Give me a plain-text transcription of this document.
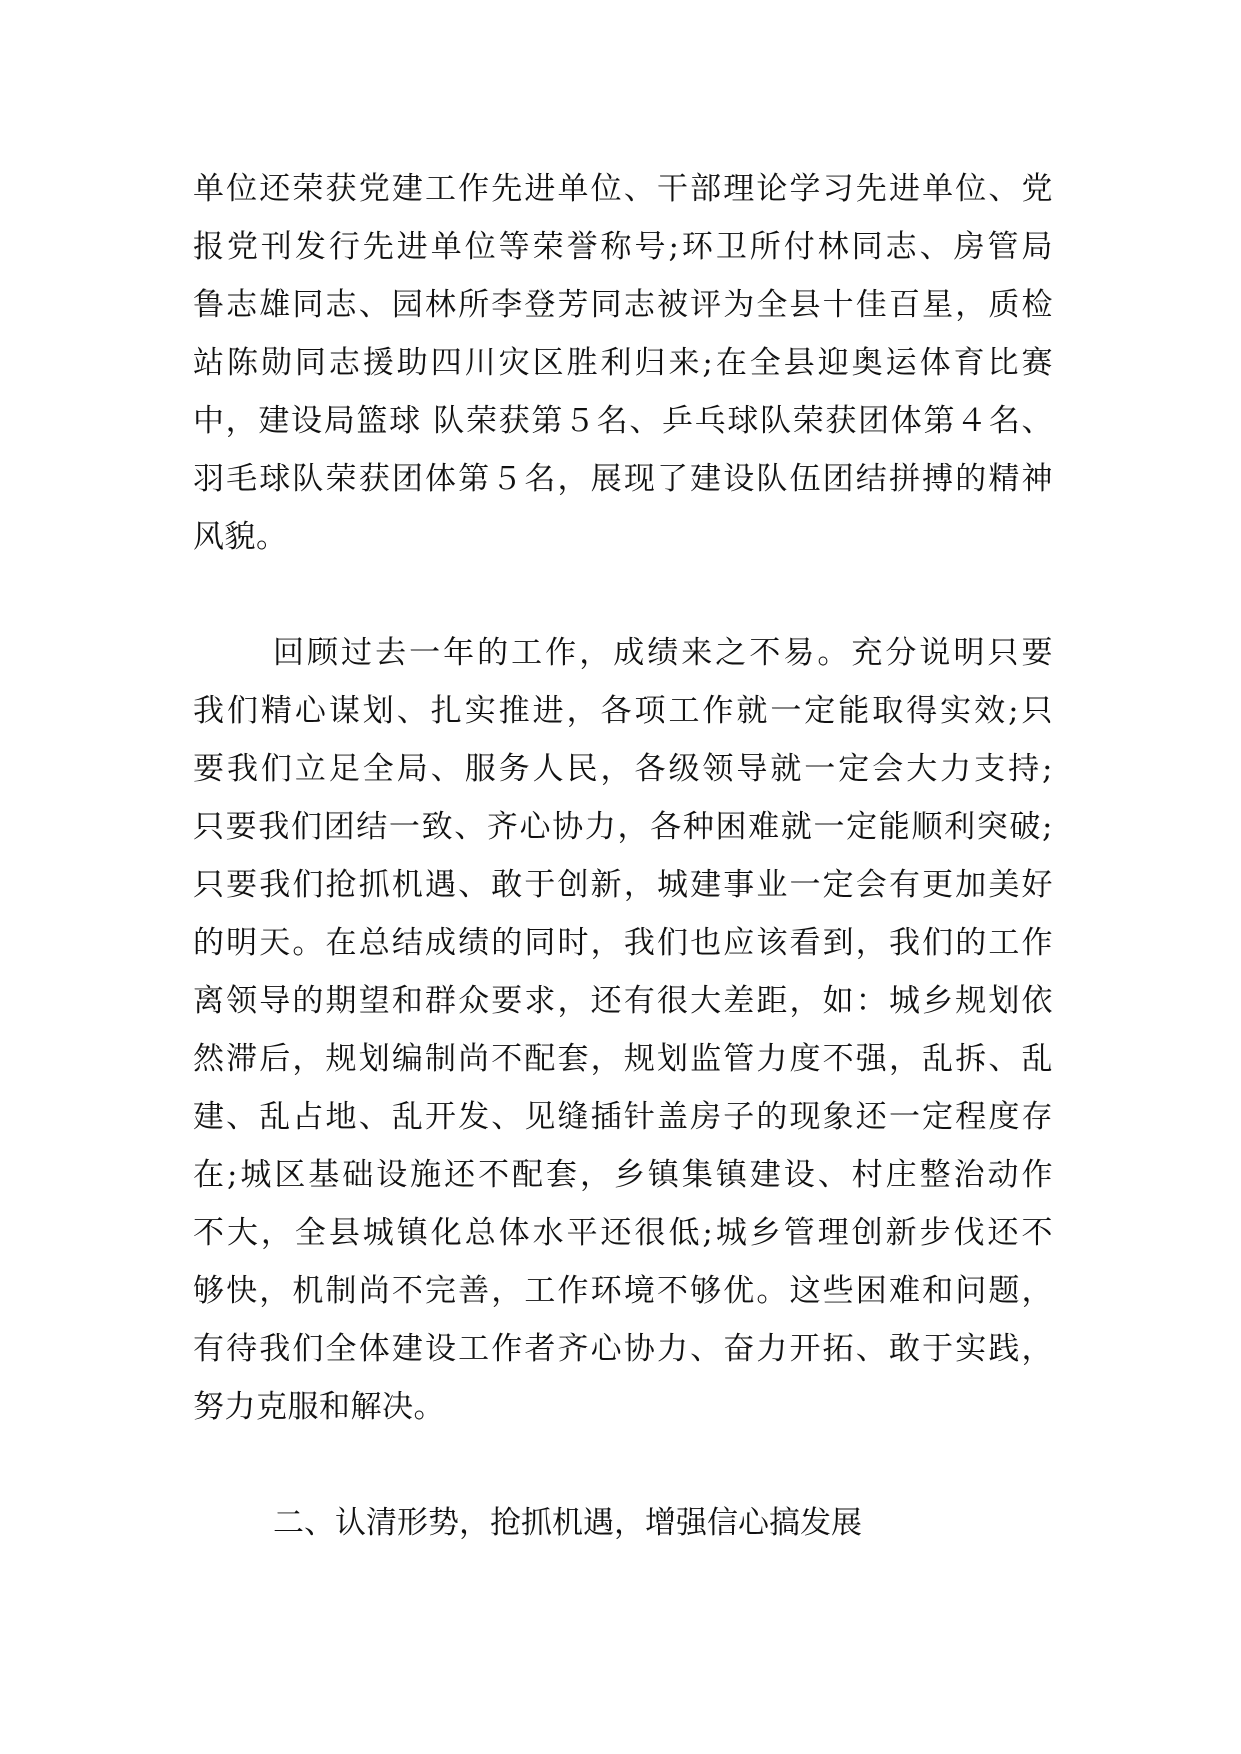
单位还荣获党建工作先进单位、干部理论学习先进单位、党
报党刊发行先进单位等荣誉称号;环卫所付林同志、房管局
鲁志雄同志、园林所李登芳同志被评为全县十佳百星，质检
站陈勋同志援助四川灾区胜利归来;在全县迎奥运体育比赛
中，建设局篮球 队荣获第５名、乒乓球队荣获团体第４名、
羽毛球队荣获团体第５名，展现了建设队伍团结拼搏的精神
风貌。
回顾过去一年的工作，成绩来之不易。充分说明只要
我们精心谋划、扎实推进，各项工作就一定能取得实效;只
要我们立足全局、服务人民，各级领导就一定会大力支持;
只要我们团结一致、齐心协力，各种困难就一定能顺利突破;
只要我们抢抓机遇、敢于创新，城建事业一定会有更加美好
的明天。在总结成绩的同时，我们也应该看到，我们的工作
离领导的期望和群众要求，还有很大差距，如：城乡规划依
然滞后，规划编制尚不配套，规划监管力度不强，乱拆、乱
建、乱占地、乱开发、见缝插针盖房子的现象还一定程度存
在;城区基础设施还不配套，乡镇集镇建设、村庄整治动作
不大，全县城镇化总体水平还很低;城乡管理创新步伐还不
够快，机制尚不完善，工作环境不够优。这些困难和问题，
有待我们全体建设工作者齐心协力、奋力开拓、敢于实践，
努力克服和解决。
二、认清形势，抢抓机遇，增强信心搞发展
